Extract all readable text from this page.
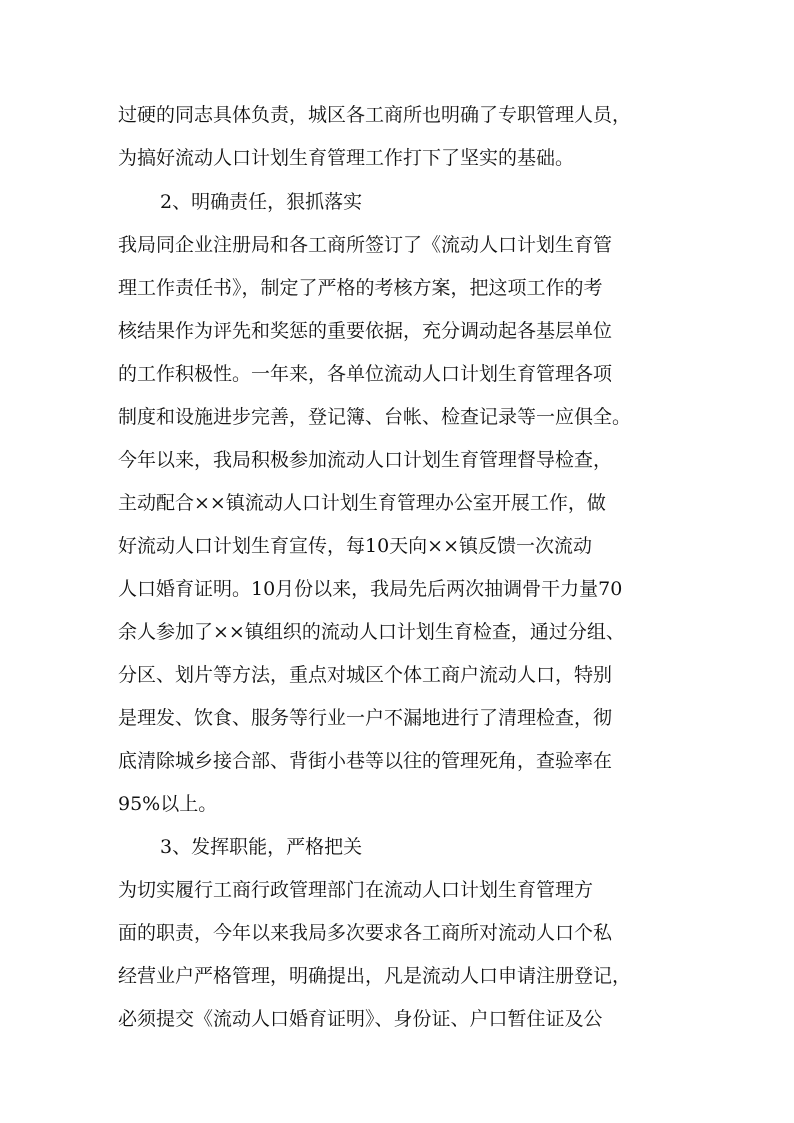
过硬的同志具体负责，城区各工商所也明确了专职管理人员，
为搞好流动人口计划生育管理工作打下了坚实的基础。
2、明确责任，狠抓落实
我局同企业注册局和各工商所签订了《流动人口计划生育管
理工作责任书》，制定了严格的考核方案，把这项工作的考
核结果作为评先和奖惩的重要依据，充分调动起各基层单位
的工作积极性。一年来，各单位流动人口计划生育管理各项
制度和设施进步完善，登记簿、台帐、检查记录等一应俱全。
今年以来，我局积极参加流动人口计划生育管理督导检查，
主动配合××镇流动人口计划生育管理办公室开展工作，做
好流动人口计划生育宣传，每10天向××镇反馈一次流动
人口婚育证明。10月份以来，我局先后两次抽调骨干力量70
余人参加了××镇组织的流动人口计划生育检查，通过分组、
分区、划片等方法，重点对城区个体工商户流动人口，特别
是理发、饮食、服务等行业一户不漏地进行了清理检查，彻
底清除城乡接合部、背街小巷等以往的管理死角，查验率在
95%以上。
3、发挥职能，严格把关
为切实履行工商行政管理部门在流动人口计划生育管理方
面的职责，今年以来我局多次要求各工商所对流动人口个私
经营业户严格管理，明确提出，凡是流动人口申请注册登记，
必须提交《流动人口婚育证明》、身份证、户口暂住证及公
